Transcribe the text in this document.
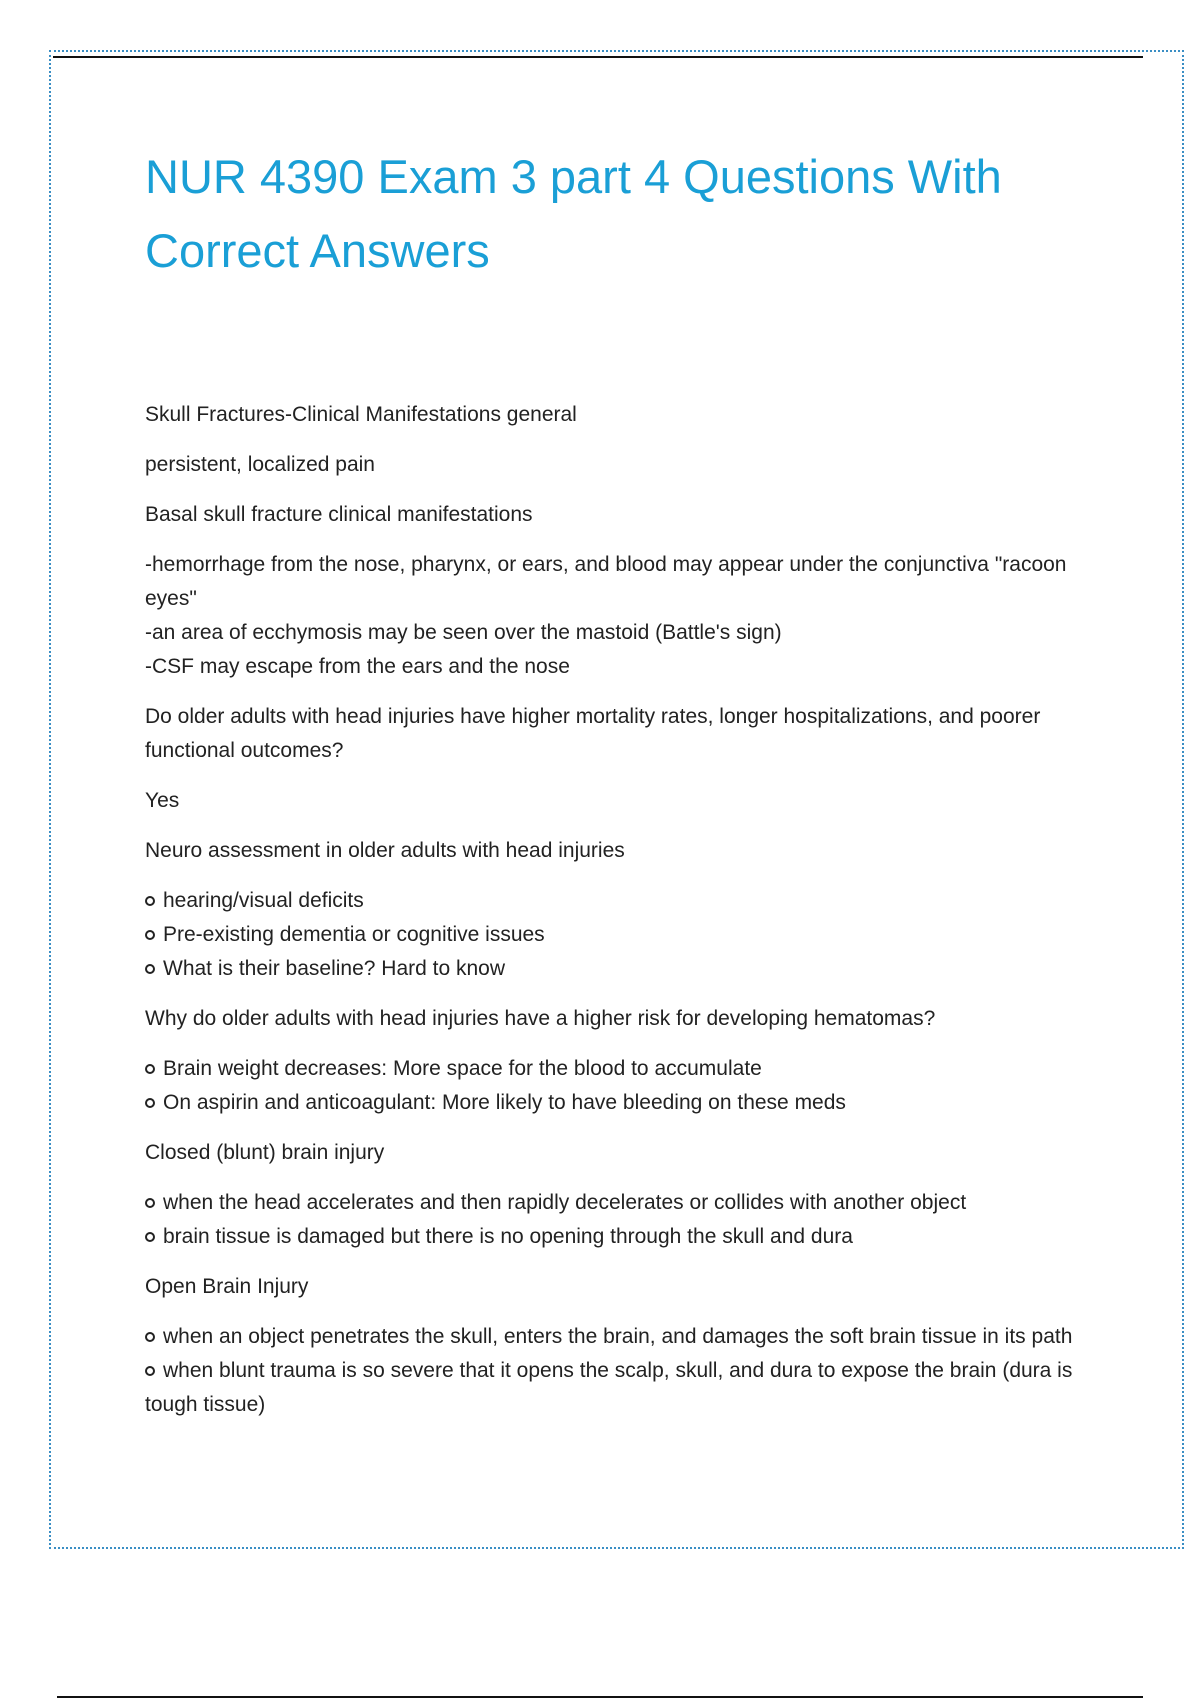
NUR 4390 Exam 3 part 4 Questions With Correct Answers

Skull Fractures-Clinical Manifestations general

persistent, localized pain

Basal skull fracture clinical manifestations

-hemorrhage from the nose, pharynx, or ears, and blood may appear under the conjunctiva "racoon eyes"
-an area of ecchymosis may be seen over the mastoid (Battle's sign)
-CSF may escape from the ears and the nose

Do older adults with head injuries have higher mortality rates, longer hospitalizations, and poorer functional outcomes?

Yes

Neuro assessment in older adults with head injuries

hearing/visual deficits
Pre-existing dementia or cognitive issues
What is their baseline? Hard to know

Why do older adults with head injuries have a higher risk for developing hematomas?

Brain weight decreases: More space for the blood to accumulate
On aspirin and anticoagulant: More likely to have bleeding on these meds

Closed (blunt) brain injury

when the head accelerates and then rapidly decelerates or collides with another object
brain tissue is damaged but there is no opening through the skull and dura

Open Brain Injury

when an object penetrates the skull, enters the brain, and damages the soft brain tissue in its path
when blunt trauma is so severe that it opens the scalp, skull, and dura to expose the brain (dura is tough tissue)
